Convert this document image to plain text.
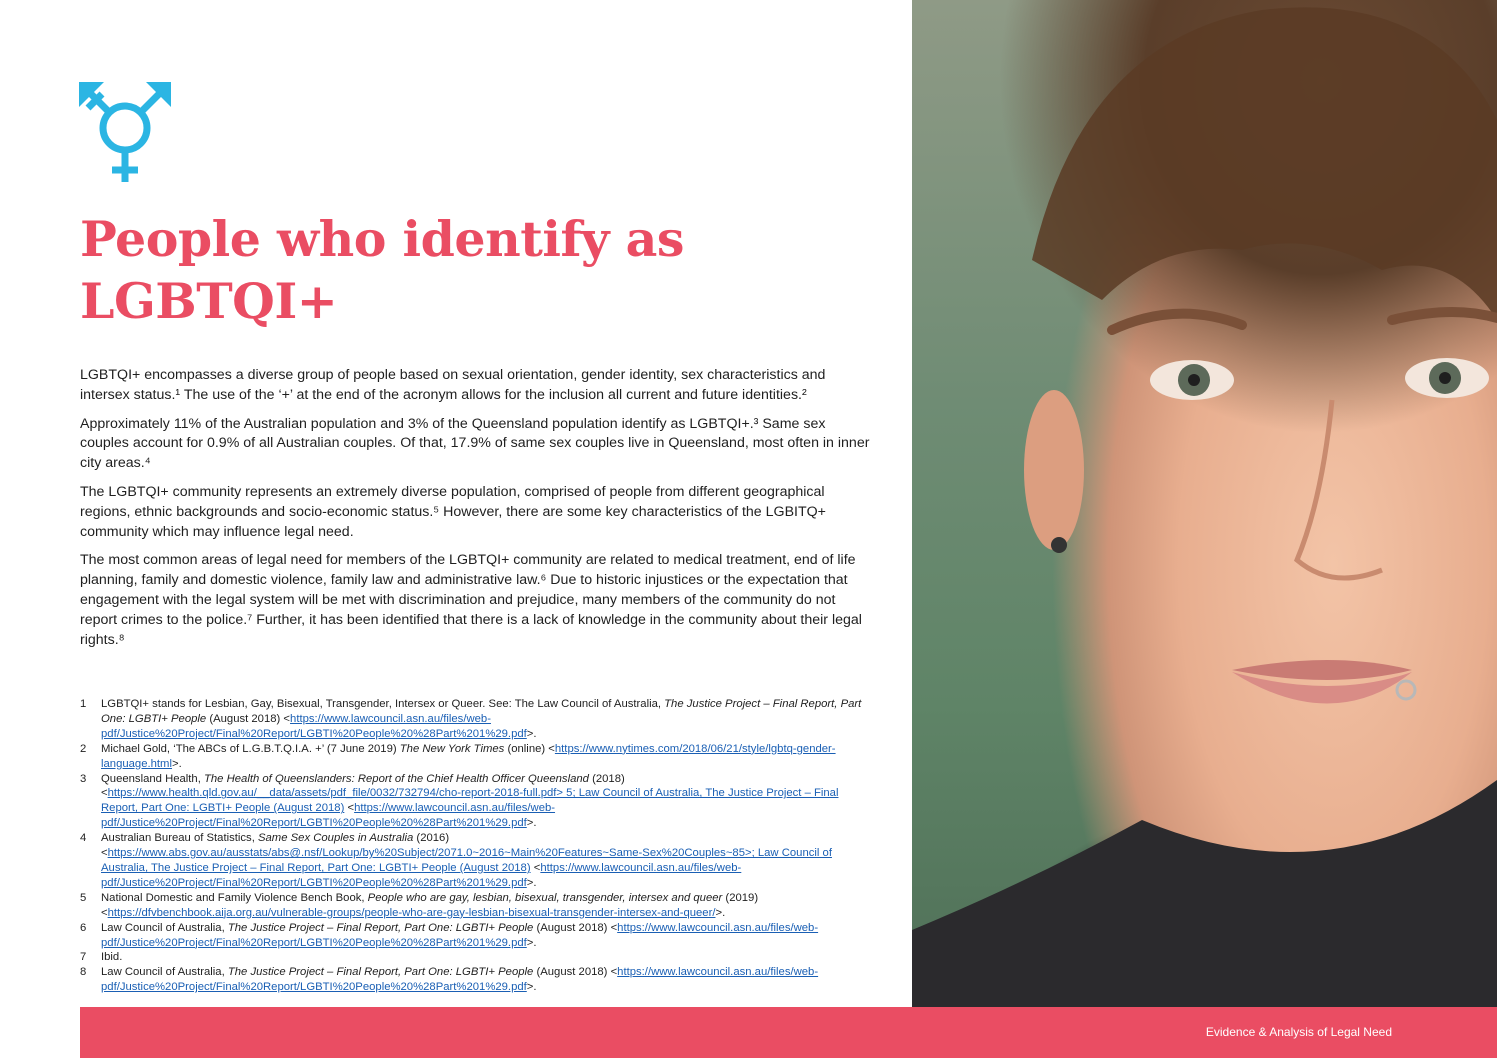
People who identify as
LGBTQI+

LGBTQI+ encompasses a diverse group of people based on sexual orientation, gender identity, sex characteristics and intersex status.¹ The use of the ‘+’ at the end of the acronym allows for the inclusion all current and future identities.²

Approximately 11% of the Australian population and 3% of the Queensland population identify as LGBTQI+.³ Same sex couples account for 0.9% of all Australian couples. Of that, 17.9% of same sex couples live in Queensland, most often in inner city areas.⁴

The LGBTQI+ community represents an extremely diverse population, comprised of people from different geographical regions, ethnic backgrounds and socio-economic status.⁵ However, there are some key characteristics of the LGBITQ+ community which may influence legal need.

The most common areas of legal need for members of the LGBTQI+ community are related to medical treatment, end of life planning, family and domestic violence, family law and administrative law.⁶ Due to historic injustices or the expectation that engagement with the legal system will be met with discrimination and prejudice, many members of the community do not report crimes to the police.⁷ Further, it has been identified that there is a lack of knowledge in the community about their legal rights.⁸

1	LGBTQI+ stands for Lesbian, Gay, Bisexual, Transgender, Intersex or Queer. See: The Law Council of Australia, The Justice Project – Final Report, Part One: LGBTI+ People (August 2018) <https://www.lawcouncil.asn.au/files/web-pdf/Justice%20Project/Final%20Report/LGBTI%20People%20%28Part%201%29.pdf>.
2	Michael Gold, ‘The ABCs of L.G.B.T.Q.I.A. +’ (7 June 2019) The New York Times (online) <https://www.nytimes.com/2018/06/21/style/lgbtq-gender-language.html>.
3	Queensland Health, The Health of Queenslanders: Report of the Chief Health Officer Queensland (2018) <https://www.health.qld.gov.au/__data/assets/pdf_file/0032/732794/cho-report-2018-full.pdf> 5; Law Council of Australia, The Justice Project – Final Report, Part One: LGBTI+ People (August 2018) <https://www.lawcouncil.asn.au/files/web-pdf/Justice%20Project/Final%20Report/LGBTI%20People%20%28Part%201%29.pdf>.
4	Australian Bureau of Statistics, Same Sex Couples in Australia (2016) <https://www.abs.gov.au/ausstats/abs@.nsf/Lookup/by%20Subject/2071.0~2016~Main%20Features~Same-Sex%20Couples~85>; Law Council of Australia, The Justice Project – Final Report, Part One: LGBTI+ People (August 2018) <https://www.lawcouncil.asn.au/files/web-pdf/Justice%20Project/Final%20Report/LGBTI%20People%20%28Part%201%29.pdf>.
5	National Domestic and Family Violence Bench Book, People who are gay, lesbian, bisexual, transgender, intersex and queer (2019) <https://dfvbenchbook.aija.org.au/vulnerable-groups/people-who-are-gay-lesbian-bisexual-transgender-intersex-and-queer/>.
6	Law Council of Australia, The Justice Project – Final Report, Part One: LGBTI+ People (August 2018) <https://www.lawcouncil.asn.au/files/web-pdf/Justice%20Project/Final%20Report/LGBTI%20People%20%28Part%201%29.pdf>.
7	Ibid.
8	Law Council of Australia, The Justice Project – Final Report, Part One: LGBTI+ People (August 2018) <https://www.lawcouncil.asn.au/files/web-pdf/Justice%20Project/Final%20Report/LGBTI%20People%20%28Part%201%29.pdf>.

Evidence & Analysis of Legal Need
